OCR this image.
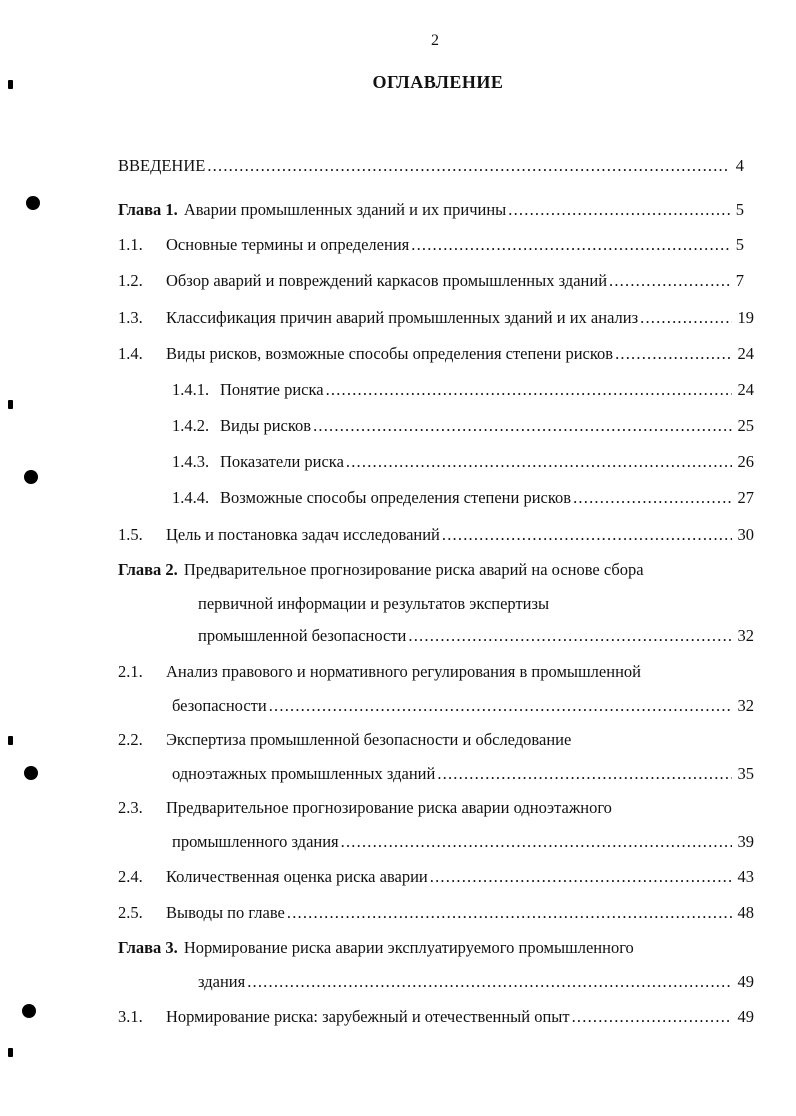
2
ОГЛАВЛЕНИЕ
ВВЕДЕНИЕ .....	4
Глава 1. Аварии промышленных зданий и их причины .....	5
1.1.	Основные термины и определения .....	5
1.2.	Обзор аварий и повреждений каркасов промышленных зданий .....	7
1.3.	Классификация причин аварий промышленных зданий и их анализ .....	19
1.4.	Виды рисков, возможные способы определения степени рисков .....	24
1.4.1. Понятие риска .....	24
1.4.2. Виды рисков .....	25
1.4.3. Показатели риска .....	26
1.4.4. Возможные способы определения степени рисков .....	27
1.5.	Цель и постановка задач исследований .....	30
Глава 2. Предварительное прогнозирование риска аварий на основе сбора
первичной информации и результатов экспертизы
промышленной безопасности .....	32
2.1.	Анализ правового и нормативного регулирования в промышленной
безопасности .....	32
2.2.	Экспертиза промышленной безопасности и обследование
одноэтажных промышленных зданий .....	35
2.3.	Предварительное прогнозирование риска аварии одноэтажного
промышленного здания .....	39
2.4.	Количественная оценка риска аварии .....	43
2.5.	Выводы по главе .....	48
Глава 3. Нормирование риска аварии эксплуатируемого промышленного
здания .....	49
3.1.	Нормирование риска: зарубежный и отечественный опыт .....	49
